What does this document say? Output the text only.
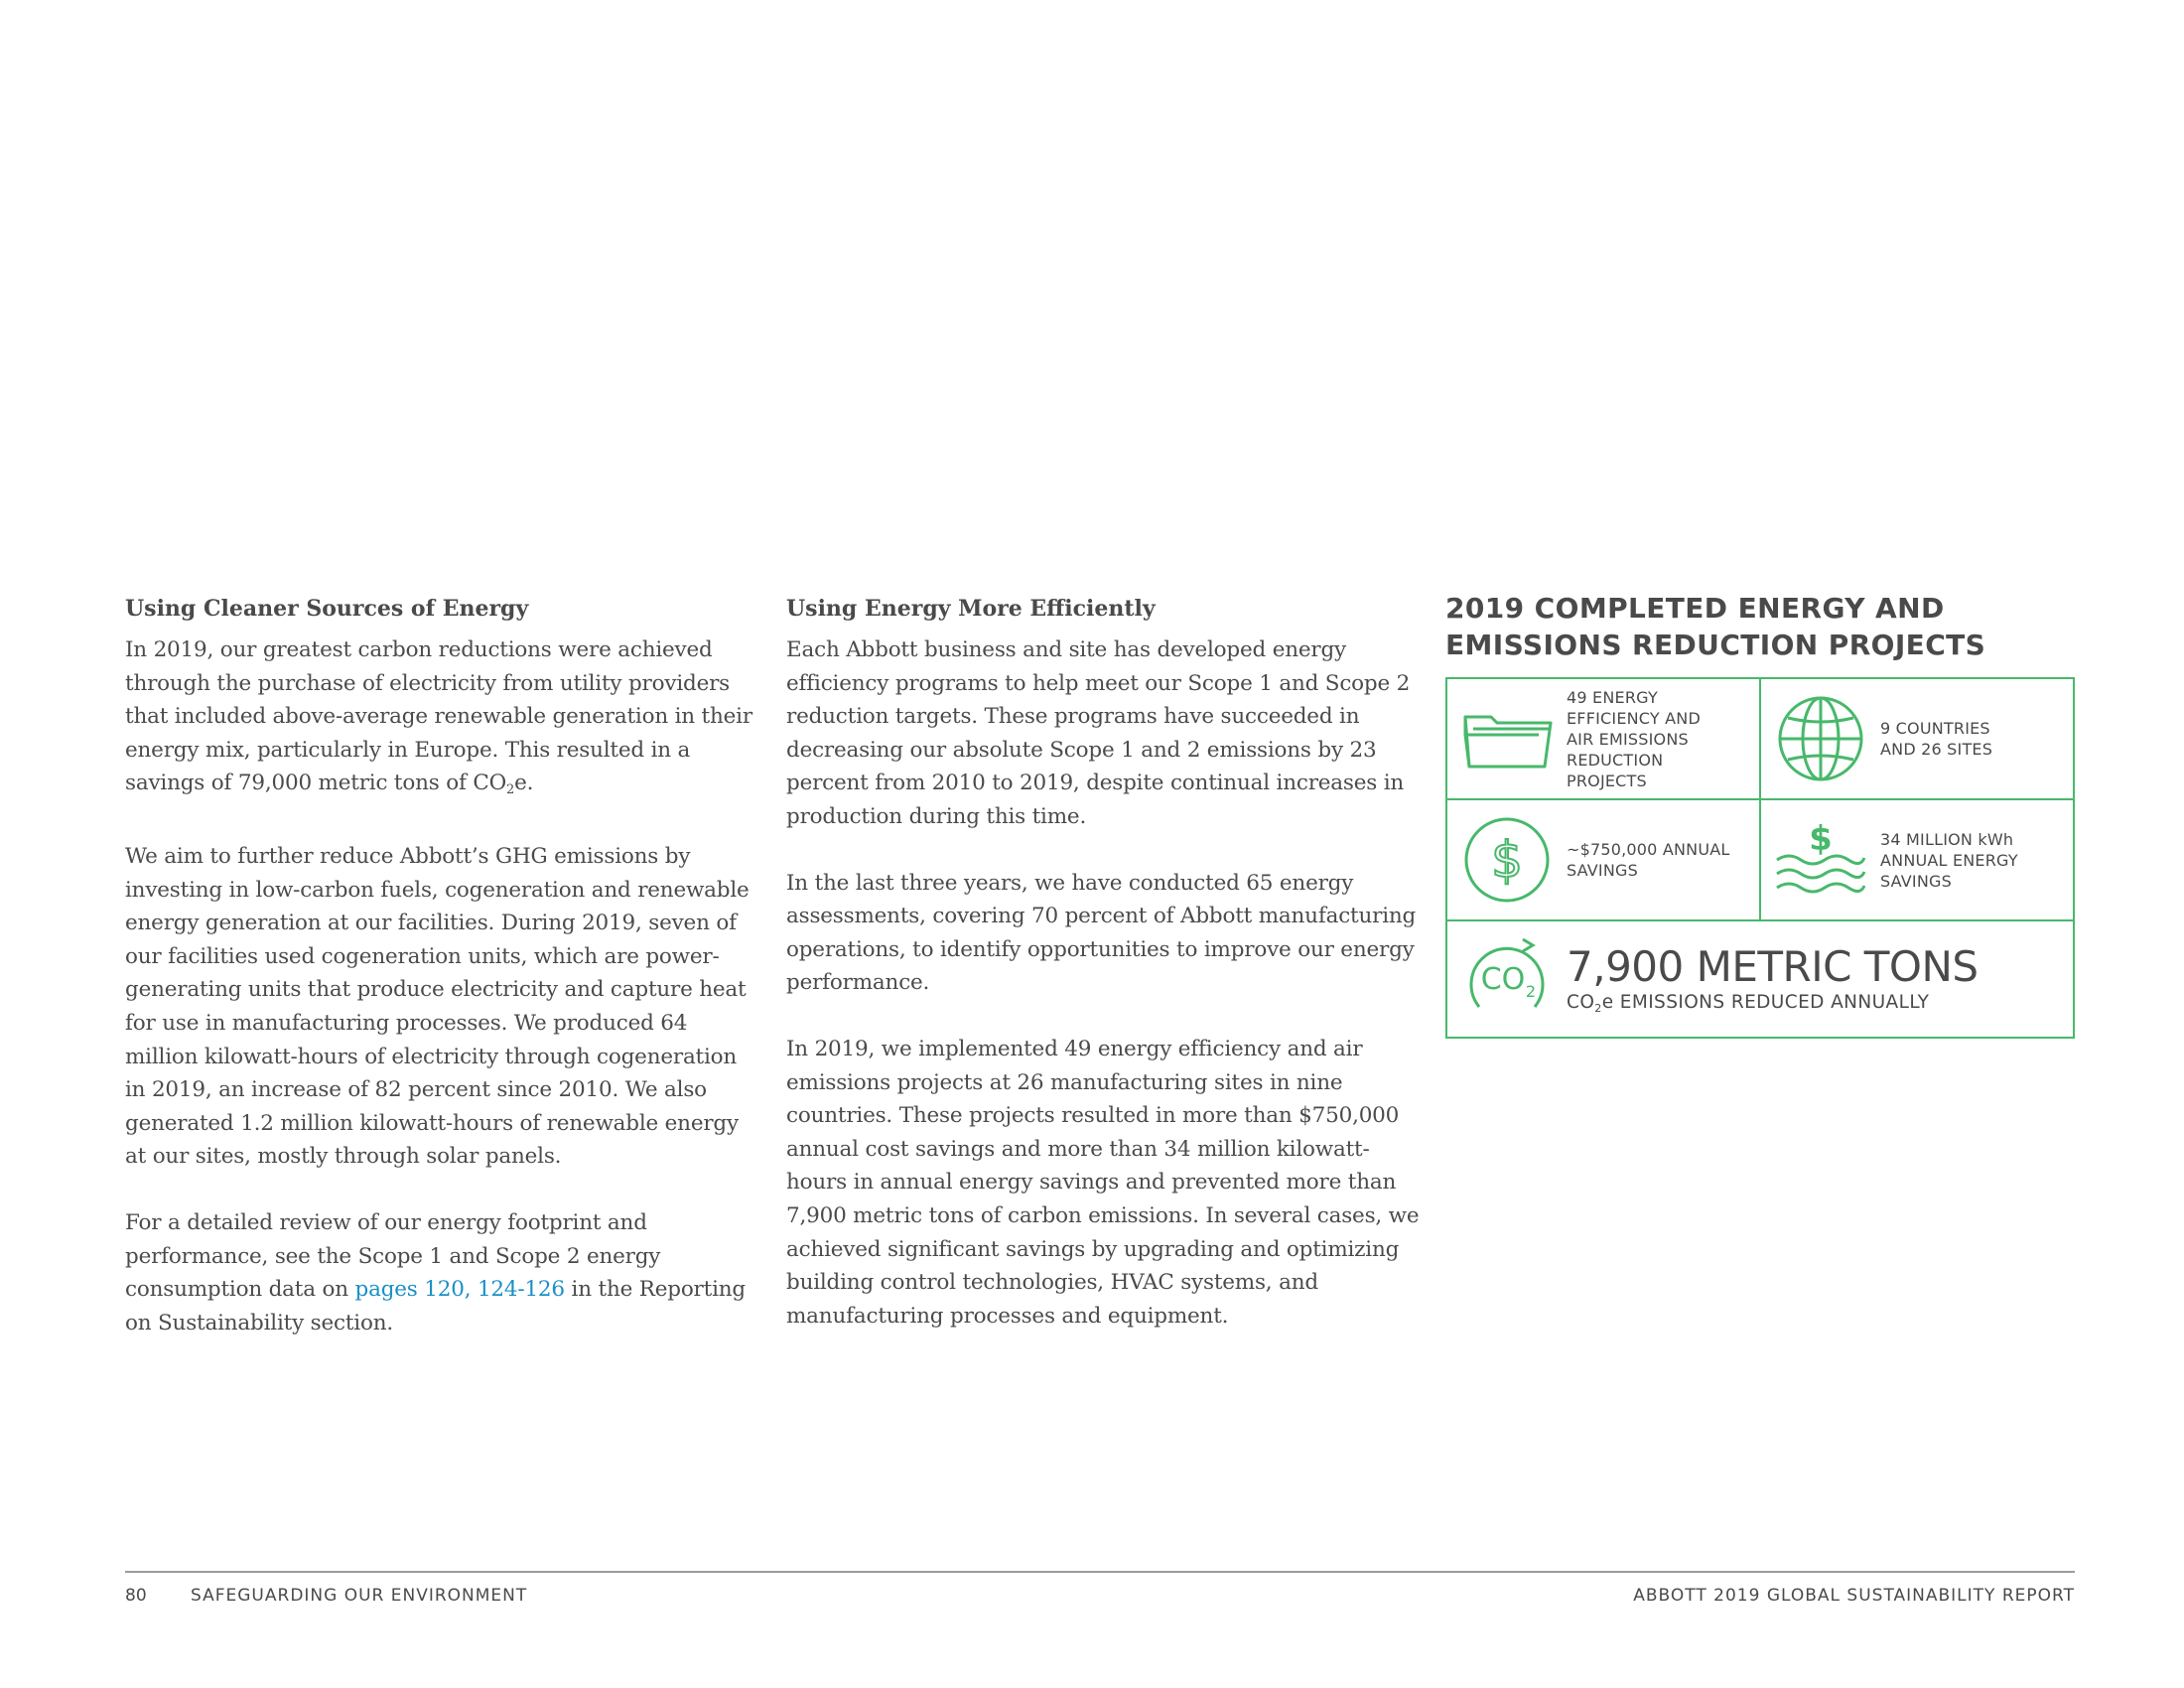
Using Cleaner Sources of Energy

In 2019, our greatest carbon reductions were achieved through the purchase of electricity from utility providers that included above-average renewable generation in their energy mix, particularly in Europe. This resulted in a savings of 79,000 metric tons of $CO_2e$.

We aim to further reduce Abbott’s GHG emissions by investing in low-carbon fuels, cogeneration and renewable energy generation at our facilities. During 2019, seven of our facilities used cogeneration units, which are power-generating units that produce electricity and capture heat for use in manufacturing processes. We produced 64 million kilowatt-hours of electricity through cogeneration in 2019, an increase of 82 percent since 2010. We also generated 1.2 million kilowatt-hours of renewable energy at our sites, mostly through solar panels.

For a detailed review of our energy footprint and performance, see the Scope 1 and Scope 2 energy consumption data on pages 120, 124-126 in the Reporting on Sustainability section.

Using Energy More Efficiently

Each Abbott business and site has developed energy efficiency programs to help meet our Scope 1 and Scope 2 reduction targets. These programs have succeeded in decreasing our absolute Scope 1 and 2 emissions by 23 percent from 2010 to 2019, despite continual increases in production during this time.

In the last three years, we have conducted 65 energy assessments, covering 70 percent of Abbott manufacturing operations, to identify opportunities to improve our energy performance.

In 2019, we implemented 49 energy efficiency and air emissions projects at 26 manufacturing sites in nine countries. These projects resulted in more than $750,000 annual cost savings and more than 34 million kilowatt-hours in annual energy savings and prevented more than 7,900 metric tons of carbon emissions. In several cases, we achieved significant savings by upgrading and optimizing building control technologies, HVAC systems, and manufacturing processes and equipment.

2019 COMPLETED ENERGY AND
EMISSIONS REDUCTION PROJECTS
49 ENERGY EFFICIENCY AND AIR EMISSIONS REDUCTION PROJECTS
9 COUNTRIES AND 26 SITES
$	~$750,000 ANNUAL SAVINGS
$	34 MILLION kWh ANNUAL ENERGY SAVINGS
CO 2
7,900 METRIC TONS
$CO_2e$ EMISSIONS REDUCED ANNUALLY
80	SAFEGUARDING OUR ENVIRONMENT	ABBOTT 2019 GLOBAL SUSTAINABILITY REPORT
